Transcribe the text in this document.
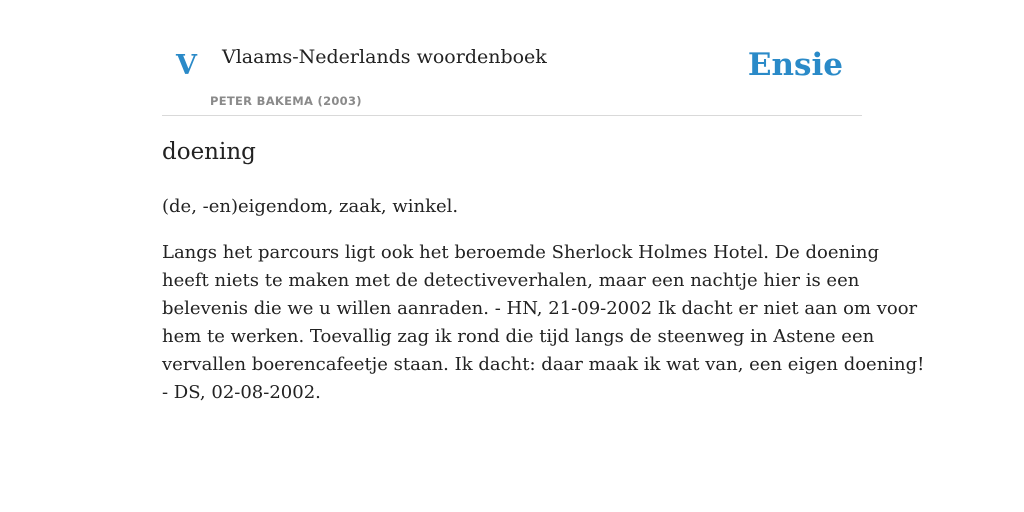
V Vlaams-Nederlands woordenboek
PETER BAKEMA (2003)
Ensie
doening
(de, -en)eigendom, zaak, winkel.
Langs het parcours ligt ook het beroemde Sherlock Holmes Hotel. De doening
heeft niets te maken met de detectiveverhalen, maar een nachtje hier is een
belevenis die we u willen aanraden. - HN, 21-09-2002 Ik dacht er niet aan om voor
hem te werken. Toevallig zag ik rond die tijd langs de steenweg in Astene een
vervallen boerencafeetje staan. Ik dacht: daar maak ik wat van, een eigen doening!
- DS, 02-08-2002.
